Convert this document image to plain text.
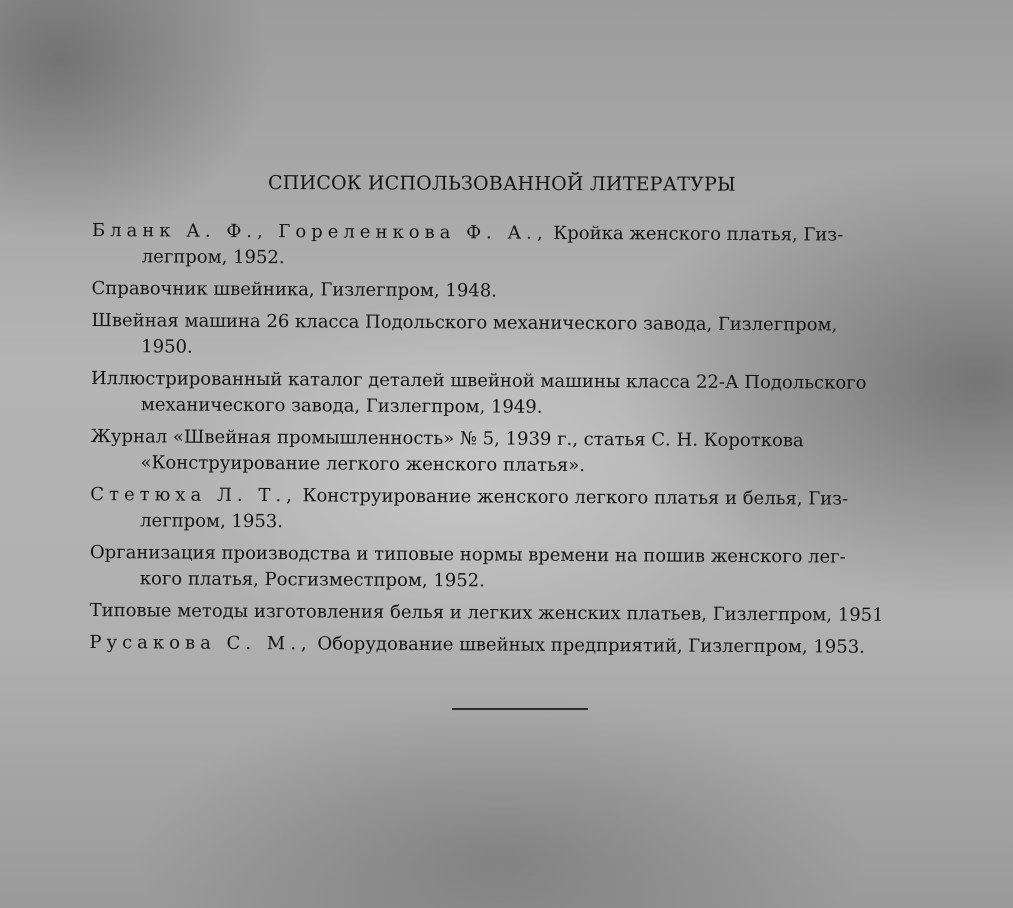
СПИСОК ИСПОЛЬЗОВАННОЙ ЛИТЕРАТУРЫ
Бланк А. Ф., Гореленкова Ф. А., Кройка женского платья, Гиз-
легпром, 1952.
Справочник швейника, Гизлегпром, 1948.
Швейная машина 26 класса Подольского механического завода, Гизлегпром,
1950.
Иллюстрированный каталог деталей швейной машины класса 22-А Подольского
механического завода, Гизлегпром, 1949.
Журнал «Швейная промышленность» № 5, 1939 г., статья С. Н. Короткова
«Конструирование легкого женского платья».
Стетюха Л. Т., Конструирование женского легкого платья и белья, Гиз-
легпром, 1953.
Организация производства и типовые нормы времени на пошив женского лег-
кого платья, Росгизместпром, 1952.
Типовые методы изготовления белья и легких женских платьев, Гизлегпром, 1951
Русакова С. М., Оборудование швейных предприятий, Гизлегпром, 1953.
